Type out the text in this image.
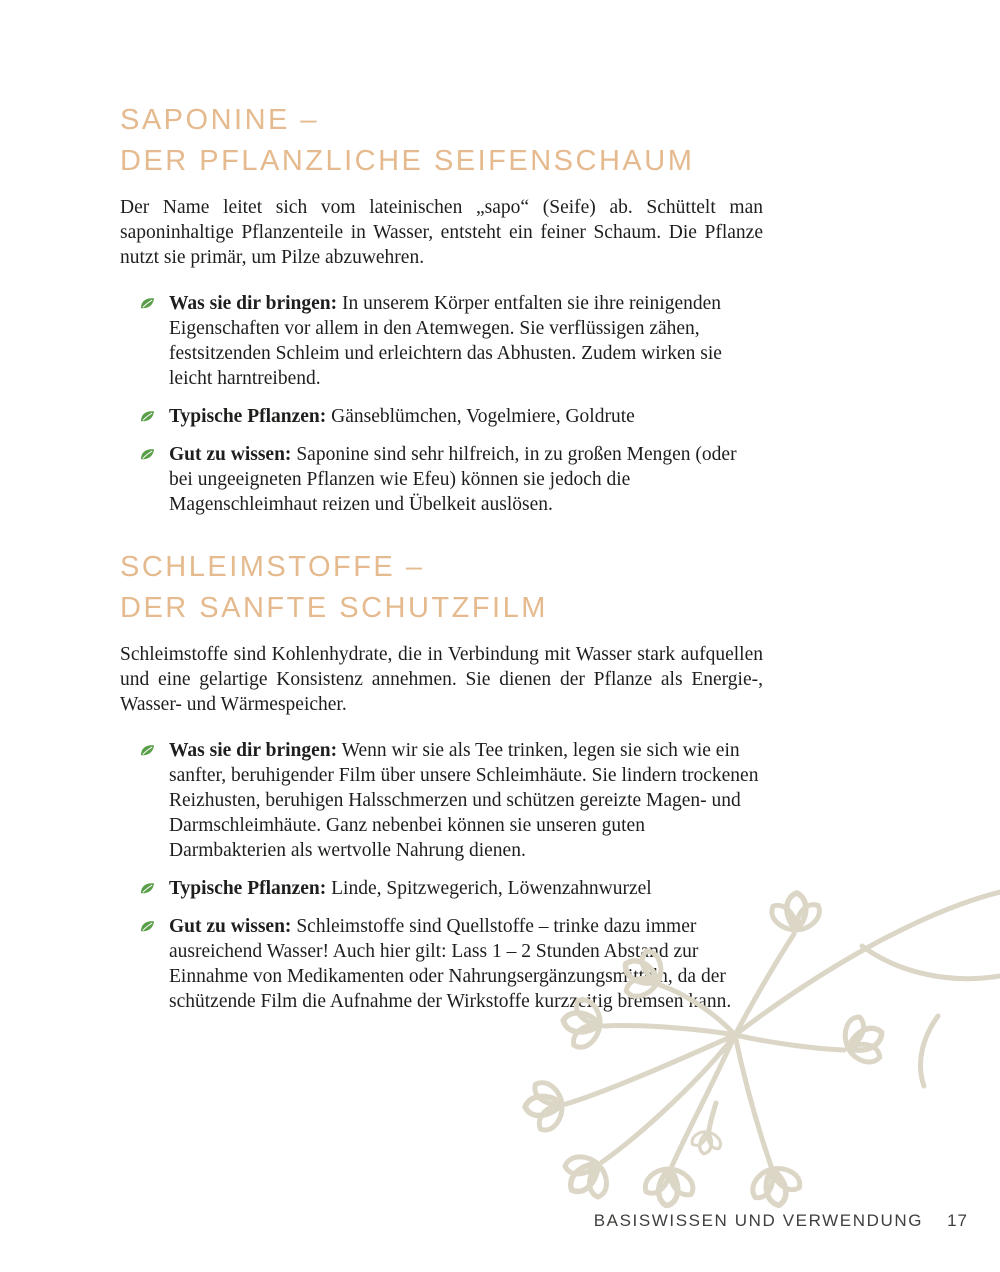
SAPONINE –
DER PFLANZLICHE SEIFENSCHAUM

Der Name leitet sich vom lateinischen „sapo“ (Seife) ab. Schüttelt man saponinhaltige Pflanzenteile in Wasser, entsteht ein feiner Schaum. Die Pflanze nutzt sie primär, um Pilze abzuwehren.

Was sie dir bringen: In unserem Körper entfalten sie ihre reinigenden Eigenschaften vor allem in den Atemwegen. Sie verflüssigen zähen, festsitzenden Schleim und erleichtern das Abhusten. Zudem wirken sie leicht harntreibend.
Typische Pflanzen: Gänseblümchen, Vogelmiere, Goldrute
Gut zu wissen: Saponine sind sehr hilfreich, in zu großen Mengen (oder bei ungeeigneten Pflanzen wie Efeu) können sie jedoch die Magenschleimhaut reizen und Übelkeit auslösen.
SCHLEIMSTOFFE –
DER SANFTE SCHUTZFILM

Schleimstoffe sind Kohlenhydrate, die in Verbindung mit Wasser stark aufquellen und eine gelartige Konsistenz annehmen. Sie dienen der Pflanze als Energie-, Wasser- und Wärmespeicher.

Was sie dir bringen: Wenn wir sie als Tee trinken, legen sie sich wie ein sanfter, beruhigender Film über unsere Schleimhäute. Sie lindern trockenen Reizhusten, beruhigen Halsschmerzen und schützen gereizte Magen- und Darmschleimhäute. Ganz nebenbei können sie unseren guten Darmbakterien als wertvolle Nahrung dienen.
Typische Pflanzen: Linde, Spitzwegerich, Löwenzahnwurzel
Gut zu wissen: Schleimstoffe sind Quellstoffe – trinke dazu immer ausreichend Wasser! Auch hier gilt: Lass 1 – 2 Stunden Abstand zur Einnahme von Medikamenten oder Nahrungsergänzungsmitteln, da der schützende Film die Aufnahme der Wirkstoffe kurzzeitig bremsen kann.
BASISWISSEN UND VERWENDUNG 17
